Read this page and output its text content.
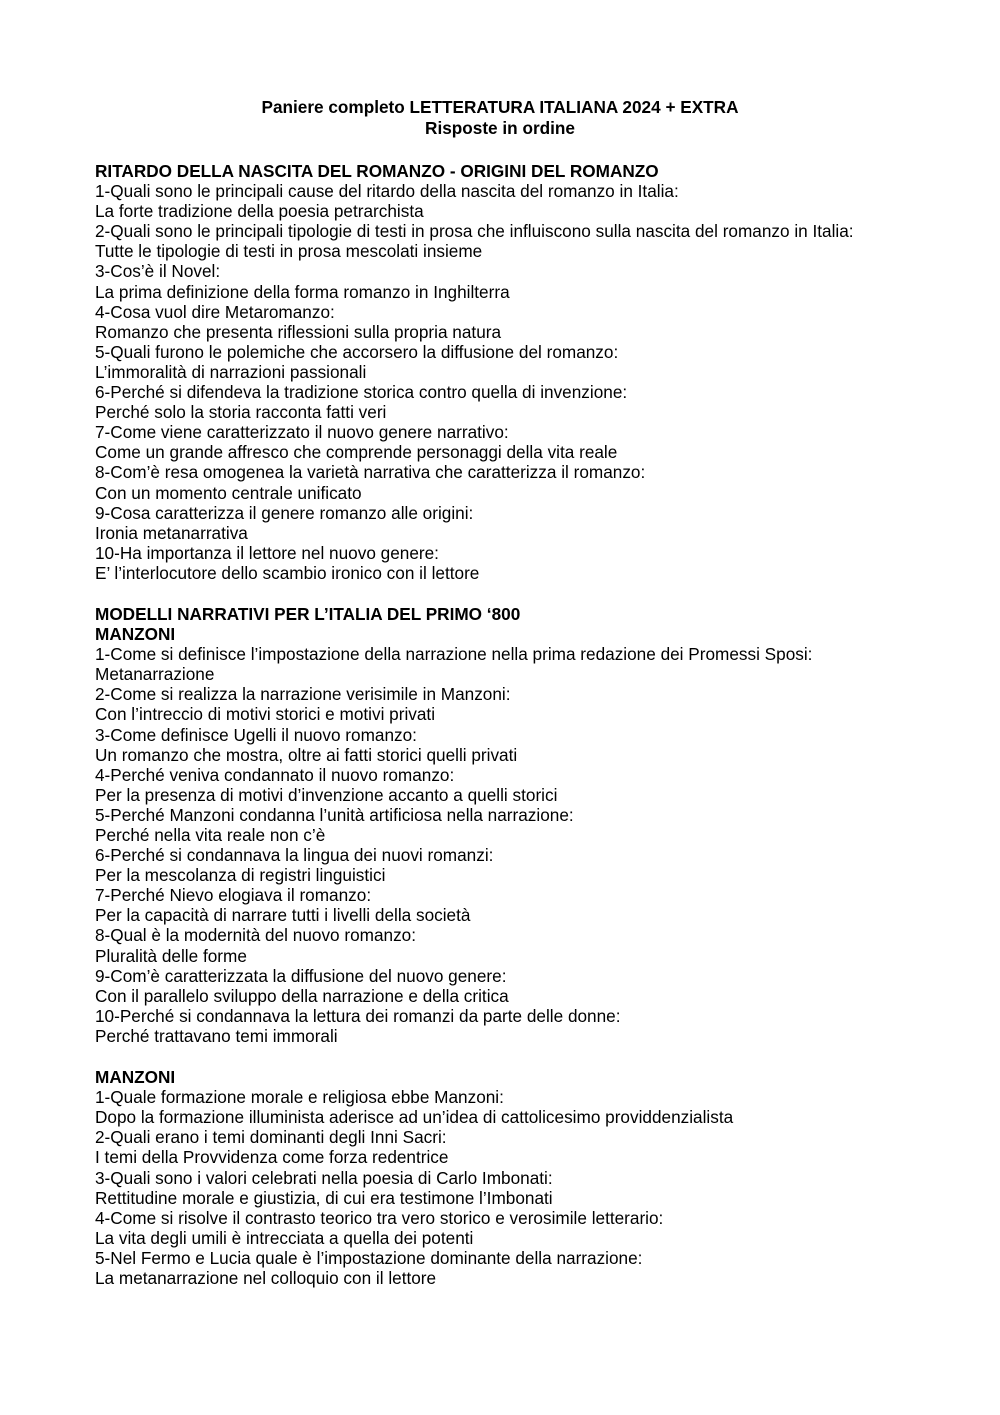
Paniere completo LETTERATURA ITALIANA 2024 + EXTRA
Risposte in ordine
RITARDO DELLA NASCITA DEL ROMANZO - ORIGINI DEL ROMANZO
1-Quali sono le principali cause del ritardo della nascita del romanzo in Italia:
La forte tradizione della poesia petrarchista
2-Quali sono le principali tipologie di testi in prosa che influiscono sulla nascita del romanzo in Italia:
Tutte le tipologie di testi in prosa mescolati insieme
3-Cos’è il Novel:
La prima definizione della forma romanzo in Inghilterra
4-Cosa vuol dire Metaromanzo:
Romanzo che presenta riflessioni sulla propria natura
5-Quali furono le polemiche che accorsero la diffusione del romanzo:
L’immoralità di narrazioni passionali
6-Perché si difendeva la tradizione storica contro quella di invenzione:
Perché solo la storia racconta fatti veri
7-Come viene caratterizzato il nuovo genere narrativo:
Come un grande affresco che comprende personaggi della vita reale
8-Com’è resa omogenea la varietà narrativa che caratterizza il romanzo:
Con un momento centrale unificato
9-Cosa caratterizza il genere romanzo alle origini:
Ironia metanarrativa
10-Ha importanza il lettore nel nuovo genere:
E’ l’interlocutore dello scambio ironico con il lettore
MODELLI NARRATIVI PER L’ITALIA DEL PRIMO ‘800
MANZONI
1-Come si definisce l’impostazione della narrazione nella prima redazione dei Promessi Sposi:
Metanarrazione
2-Come si realizza la narrazione verisimile in Manzoni:
Con l’intreccio di motivi storici e motivi privati
3-Come definisce Ugelli il nuovo romanzo:
Un romanzo che mostra, oltre ai fatti storici quelli privati
4-Perché veniva condannato il nuovo romanzo:
Per la presenza di motivi d’invenzione accanto a quelli storici
5-Perché Manzoni condanna l’unità artificiosa nella narrazione:
Perché nella vita reale non c’è
6-Perché si condannava la lingua dei nuovi romanzi:
Per la mescolanza di registri linguistici
7-Perché Nievo elogiava il romanzo:
Per la capacità di narrare tutti i livelli della società
8-Qual è la modernità del nuovo romanzo:
Pluralità delle forme
9-Com’è caratterizzata la diffusione del nuovo genere:
Con il parallelo sviluppo della narrazione e della critica
10-Perché si condannava la lettura dei romanzi da parte delle donne:
Perché trattavano temi immorali
MANZONI
1-Quale formazione morale e religiosa ebbe Manzoni:
Dopo la formazione illuminista aderisce ad un’idea di cattolicesimo providdenzialista
2-Quali erano i temi dominanti degli Inni Sacri:
I temi della Provvidenza come forza redentrice
3-Quali sono i valori celebrati nella poesia di Carlo Imbonati:
Rettitudine morale e giustizia, di cui era testimone l’Imbonati
4-Come si risolve il contrasto teorico tra vero storico e verosimile letterario:
La vita degli umili è intrecciata a quella dei potenti
5-Nel Fermo e Lucia quale è l’impostazione dominante della narrazione:
La metanarrazione nel colloquio con il lettore
